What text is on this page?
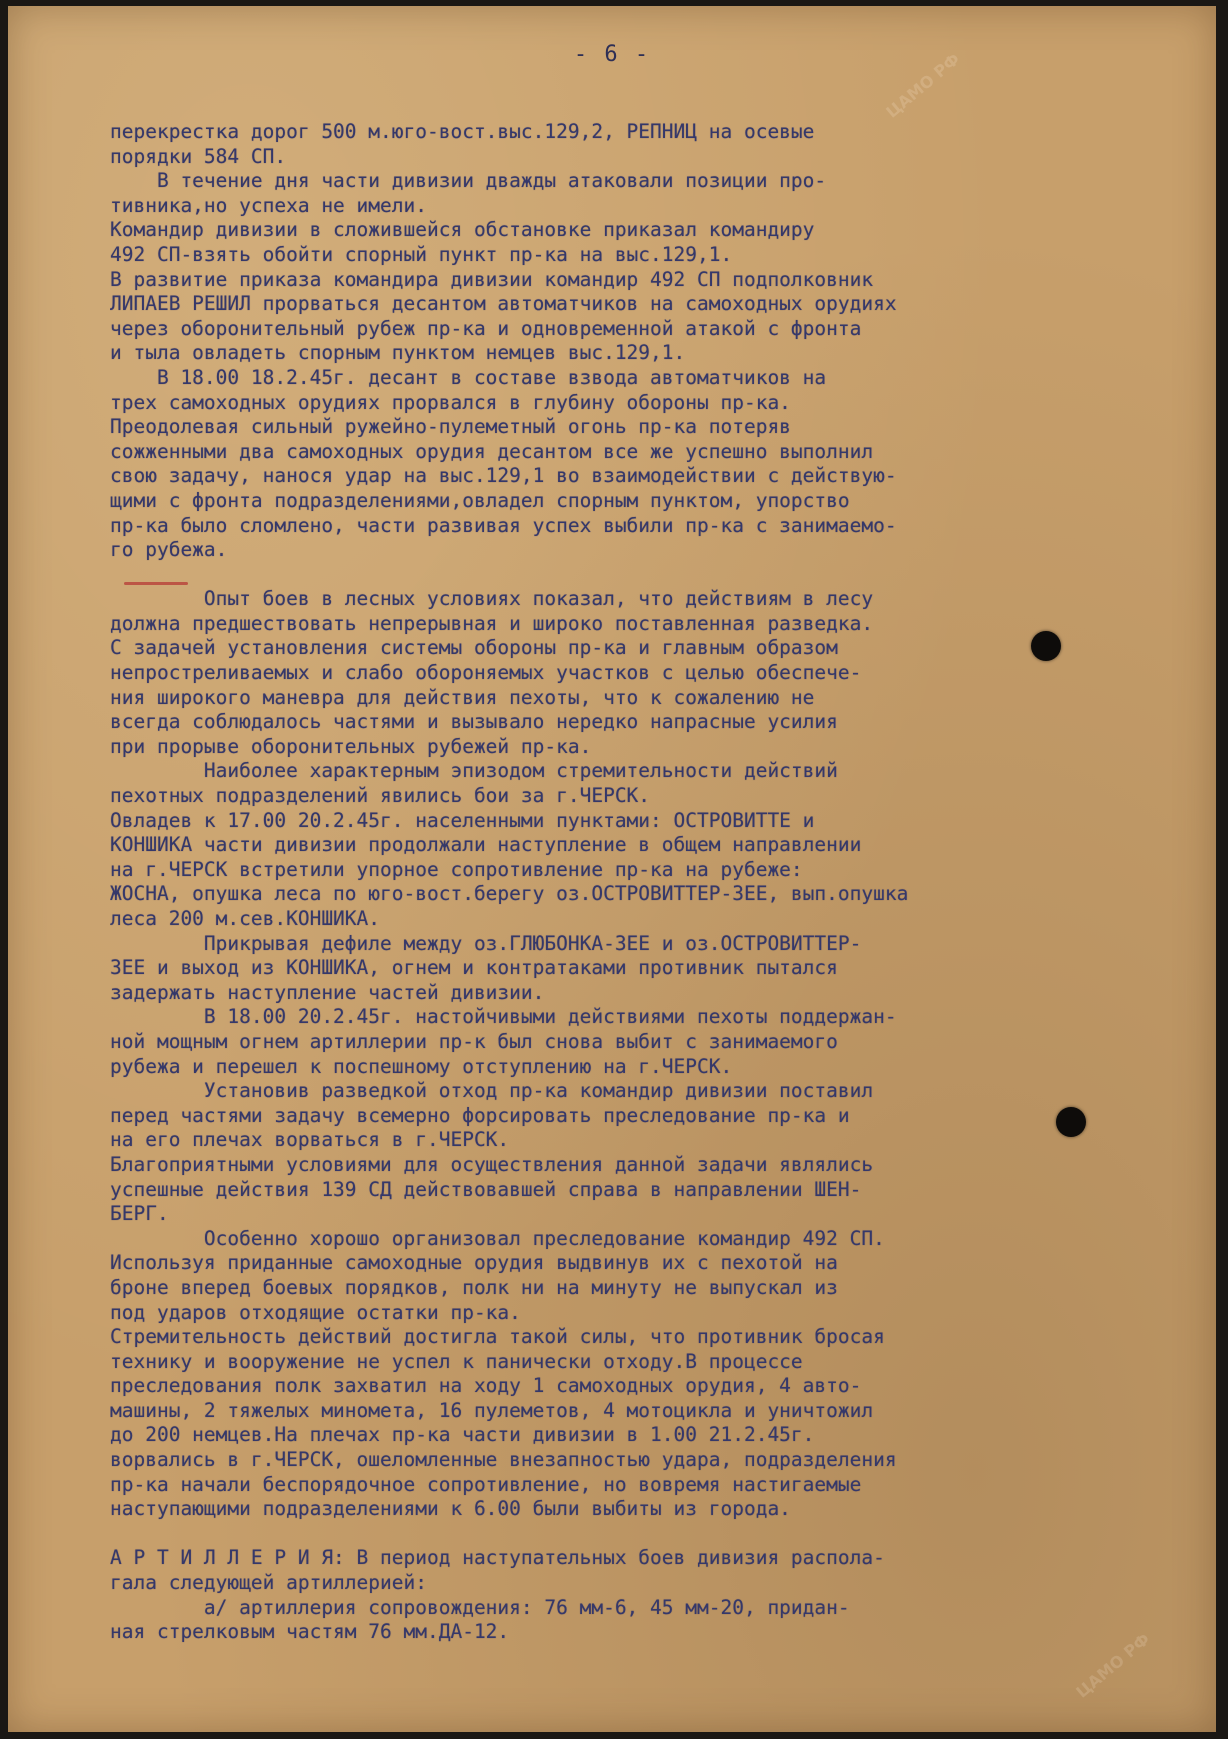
- 6 -	ЦАМО РФ
ЦАМО РФ
перекрестка дорог 500 м.юго-вост.выс.129,2, РЕПНИЦ на осевые
порядки 584 СП.
В течение дня части дивизии дважды атаковали позиции про-
тивника,но успеха не имели.
Командир дивизии в сложившейся обстановке приказал командиру
492 СП-взять обойти спорный пункт пр-ка на выс.129,1.
В развитие приказа командира дивизии командир 492 СП подполковник
ЛИПАЕВ РЕШИЛ прорваться десантом автоматчиков на самоходных орудиях
через оборонительный рубеж пр-ка и одновременной атакой с фронта
и тыла овладеть спорным пунктом немцев выс.129,1.
В 18.00 18.2.45г. десант в составе взвода автоматчиков на
трех самоходных орудиях прорвался в глубину обороны пр-ка.
Преодолевая сильный ружейно-пулеметный огонь пр-ка потеряв
сожженными два самоходных орудия десантом все же успешно выполнил
свою задачу, нанося удар на выс.129,1 во взаимодействии с действую-
щими с фронта подразделениями,овладел спорным пунктом, упорство
пр-ка было сломлено, части развивая успех выбили пр-ка с занимаемо-
го рубежа.
Опыт боев в лесных условиях показал, что действиям в лесу
должна предшествовать непрерывная и широко поставленная разведка.
С задачей установления системы обороны пр-ка и главным образом
непростреливаемых и слабо обороняемых участков с целью обеспече-
ния широкого маневра для действия пехоты, что к сожалению не
всегда соблюдалось частями и вызывало нередко напрасные усилия
при прорыве оборонительных рубежей пр-ка.
Наиболее характерным эпизодом стремительности действий
пехотных подразделений явились бои за г.ЧЕРСК.
Овладев к 17.00 20.2.45г. населенными пунктами: ОСТРОВИТТЕ и
КОНШИКА части дивизии продолжали наступление в общем направлении
на г.ЧЕРСК встретили упорное сопротивление пр-ка на рубеже:
ЖОСНА, опушка леса по юго-вост.берегу оз.ОСТРОВИТТЕР-ЗЕЕ, вып.опушка
леса 200 м.сев.КОНШИКА.
Прикрывая дефиле между оз.ГЛЮБОНКА-ЗЕЕ и оз.ОСТРОВИТТЕР-
ЗЕЕ и выход из КОНШИКА, огнем и контратаками противник пытался
задержать наступление частей дивизии.
В 18.00 20.2.45г. настойчивыми действиями пехоты поддержан-
ной мощным огнем артиллерии пр-к был снова выбит с занимаемого
рубежа и перешел к поспешному отступлению на г.ЧЕРСК.
Установив разведкой отход пр-ка командир дивизии поставил
перед частями задачу всемерно форсировать преследование пр-ка и
на его плечах ворваться в г.ЧЕРСК.
Благоприятными условиями для осуществления данной задачи являлись
успешные действия 139 СД действовавшей справа в направлении ШЕН-
БЕРГ.
Особенно хорошо организовал преследование командир 492 СП.
Используя приданные самоходные орудия выдвинув их с пехотой на
броне вперед боевых порядков, полк ни на минуту не выпускал из
под ударов отходящие остатки пр-ка.
Стремительность действий достигла такой силы, что противник бросая
технику и вооружение не успел к панически отходу.В процессе
преследования полк захватил на ходу 1 самоходных орудия, 4 авто-
машины, 2 тяжелых миномета, 16 пулеметов, 4 мотоцикла и уничтожил
до 200 немцев.На плечах пр-ка части дивизии в 1.00 21.2.45г.
ворвались в г.ЧЕРСК, ошеломленные внезапностью удара, подразделения
пр-ка начали беспорядочное сопротивление, но вовремя настигаемые
наступающими подразделениями к 6.00 были выбиты из города.
А Р Т И Л Л Е Р И Я: В период наступательных боев дивизия распола-
гала следующей артиллерией:
а/ артиллерия сопровождения: 76 мм-6, 45 мм-20, придан-
ная стрелковым частям 76 мм.ДА-12.
